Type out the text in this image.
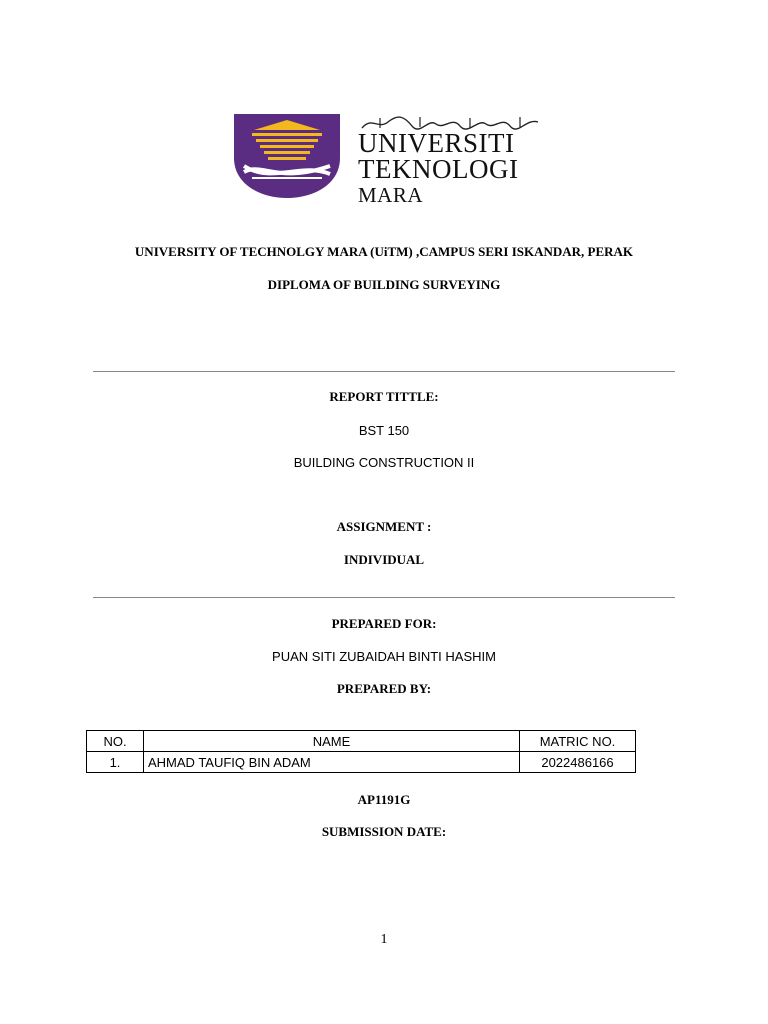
UNIVERSITI
TEKNOLOGI
MARA
UNIVERSITY OF TECHNOLGY MARA (UiTM) ,CAMPUS SERI ISKANDAR, PERAK
DIPLOMA OF BUILDING SURVEYING
REPORT TITTLE:
BST 150
BUILDING CONSTRUCTION II
ASSIGNMENT :
INDIVIDUAL
PREPARED FOR:
PUAN SITI ZUBAIDAH BINTI HASHIM
PREPARED BY:
NO.	NAME	MATRIC NO.
1.	AHMAD TAUFIQ BIN ADAM	2022486166
AP1191G
SUBMISSION DATE:
1
